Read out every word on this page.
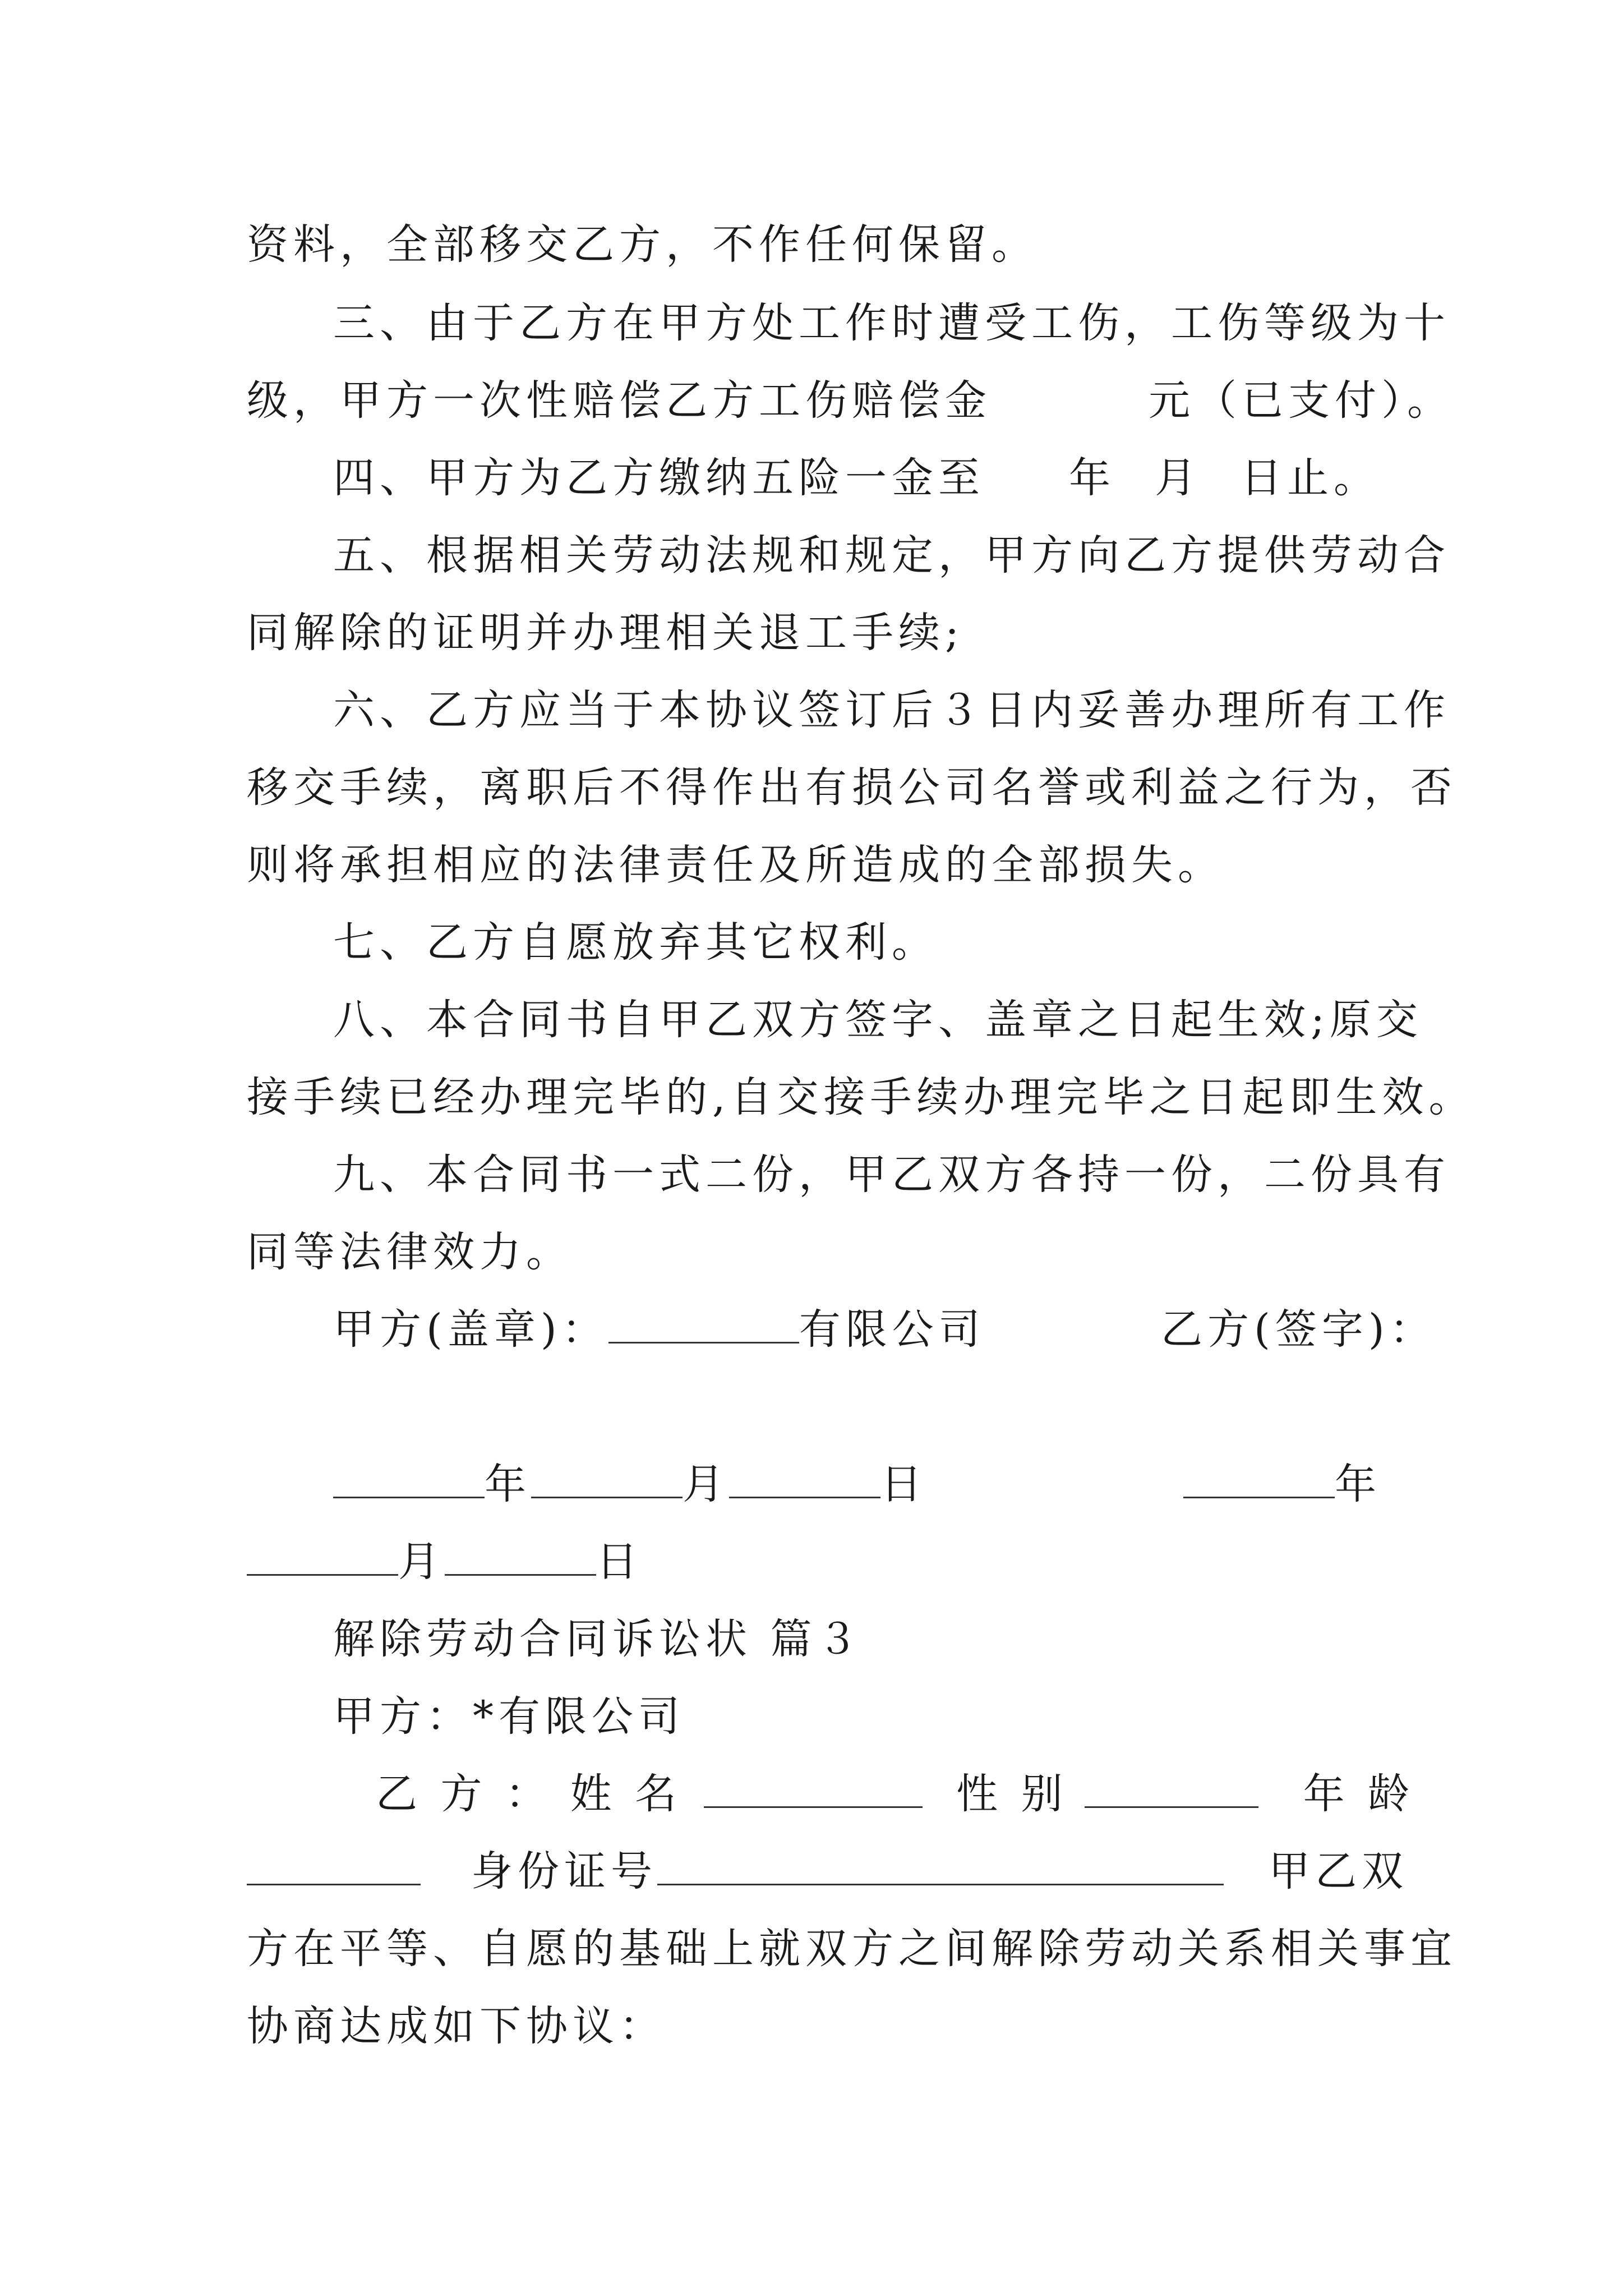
资料，全部移交乙方，不作任何保留。
三、由于乙方在甲方处工作时遭受工伤，工伤等级为十
级，甲方一次性赔偿乙方工伤赔偿金	元（已支付）。
四、甲方为乙方缴纳五险一金至 年 月 日止。
五、根据相关劳动法规和规定，甲方向乙方提供劳动合
同解除的证明并办理相关退工手续;
六、乙方应当于本协议签订后３日内妥善办理所有工作
移交手续，离职后不得作出有损公司名誉或利益之行为，否
则将承担相应的法律责任及所造成的全部损失。
七、乙方自愿放弃其它权利。
八、本合同书自甲乙双方签字、盖章之日起生效;原交
接手续已经办理完毕的,自交接手续办理完毕之日起即生效。
九、本合同书一式二份，甲乙双方各持一份，二份具有
同等法律效力。
甲方(盖章)：	有限公司	乙方(签字)：
年	月	日	年
月	日
解除劳动合同诉讼状 篇３
甲方：*有限公司
乙 方 ： 姓 名	性 别	年 龄
身份证号	甲乙双
方在平等、自愿的基础上就双方之间解除劳动关系相关事宜
协商达成如下协议：
